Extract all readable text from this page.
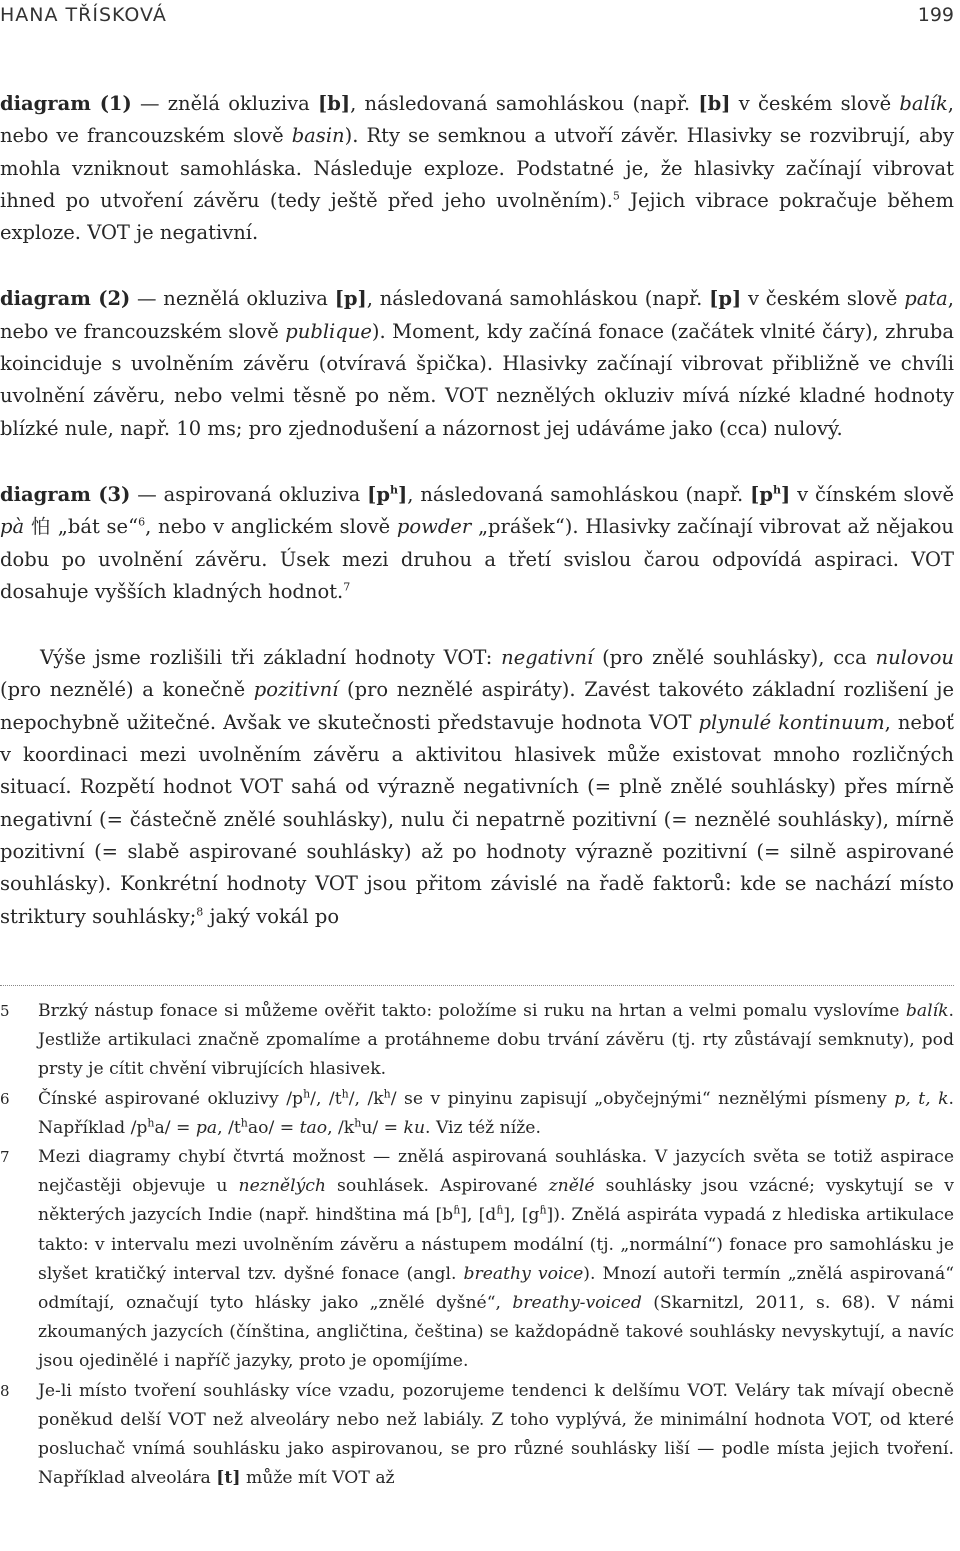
HANA TŘÍSKOVÁ	199

diagram (1) — znělá okluziva [b], následovaná samohláskou (např. [b] v českém slově balík, nebo ve francouzském slově basin). Rty se semknou a utvoří závěr. Hlasivky se rozvibrují, aby mohla vzniknout samohláska. Následuje exploze. Podstatné je, že hlasivky začínají vibrovat ihned po utvoření závěru (tedy ještě před jeho uvolněním).$^5$ Jejich vibrace pokračuje během exploze. VOT je negativní.

diagram (2) — neznělá okluziva [p], následovaná samohláskou (např. [p] v českém slově pata, nebo ve francouzském slově publique). Moment, kdy začíná fonace (začátek vlnité čáry), zhruba koinciduje s uvolněním závěru (otvíravá špička). Hlasivky začínají vibrovat přibližně ve chvíli uvolnění závěru, nebo velmi těsně po něm. VOT neznělých okluziv mívá nízké kladné hodnoty blízké nule, např. 10 ms; pro zjednodušení a názornost jej udáváme jako (cca) nulový.

diagram (3) — aspirovaná okluziva $[p^h]$, následovaná samohláskou (např. $[p^h]$ v čínském slově pà 怕 „bát se“$^6$, nebo v anglickém slově powder „prášek“). Hlasivky začínají vibrovat až nějakou dobu po uvolnění závěru. Úsek mezi druhou a třetí svislou čarou odpovídá aspiraci. VOT dosahuje vyšších kladných hodnot.$^7$

Výše jsme rozlišili tři základní hodnoty VOT: negativní (pro znělé souhlásky), cca nulovou (pro neznělé) a konečně pozitivní (pro neznělé aspiráty). Zavést takovéto základní rozlišení je nepochybně užitečné. Avšak ve skutečnosti představuje hodnota VOT plynulé kontinuum, neboť v koordinaci mezi uvolněním závěru a aktivitou hlasivek může existovat mnoho rozličných situací. Rozpětí hodnot VOT sahá od výrazně negativních (= plně znělé souhlásky) přes mírně negativní (= částečně znělé souhlásky), nulu či nepatrně pozitivní (= neznělé souhlásky), mírně pozitivní (= slabě aspirované souhlásky) až po hodnoty výrazně pozitivní (= silně aspirované souhlásky). Konkrétní hodnoty VOT jsou přitom závislé na řadě faktorů: kde se nachází místo striktury souhlásky;$^8$ jaký vokál po

5 Brzký nástup fonace si můžeme ověřit takto: položíme si ruku na hrtan a velmi pomalu vyslovíme balík. Jestliže artikulaci značně zpomalíme a protáhneme dobu trvání závěru (tj. rty zůstávají semknuty), pod prsty je cítit chvění vibrujících hlasivek.

6 Čínské aspirované okluzivy $/p^h/$, $/t^h/$, $/k^h/$ se v pinyinu zapisují „obyčejnými“ neznělými písmeny p, t, k. Například $/p^ha/$ = pa, $/t^hao/$ = tao, $/k^hu/$ = ku. Viz též níže.

7 Mezi diagramy chybí čtvrtá možnost — znělá aspirovaná souhláska. V jazycích světa se totiž aspirace nejčastěji objevuje u neznělých souhlásek. Aspirované znělé souhlásky jsou vzácné; vyskytují se v některých jazycích Indie (např. hindština má $[b^ɦ]$, $[d^ɦ]$, $[g^ɦ]$). Znělá aspiráta vypadá z hlediska artikulace takto: v intervalu mezi uvolněním závěru a nástupem modální (tj. „normální“) fonace pro samohlásku je slyšet kratičký interval tzv. dyšné fonace (angl. breathy voice). Mnozí autoři termín „znělá aspirovaná“ odmítají, označují tyto hlásky jako „znělé dyšné“, breathy-voiced (Skarnitzl, 2011, s. 68). V námi zkoumaných jazycích (čínština, angličtina, čeština) se každopádně takové souhlásky nevyskytují, a navíc jsou ojedinělé i napříč jazyky, proto je opomíjíme.

8 Je-li místo tvoření souhlásky více vzadu, pozorujeme tendenci k delšímu VOT. Veláry tak mívají obecně poněkud delší VOT než alveoláry nebo než labiály. Z toho vyplývá, že minimální hodnota VOT, od které posluchač vnímá souhlásku jako aspirovanou, se pro různé souhlásky liší — podle místa jejich tvoření. Například alveolára [t] může mít VOT až
